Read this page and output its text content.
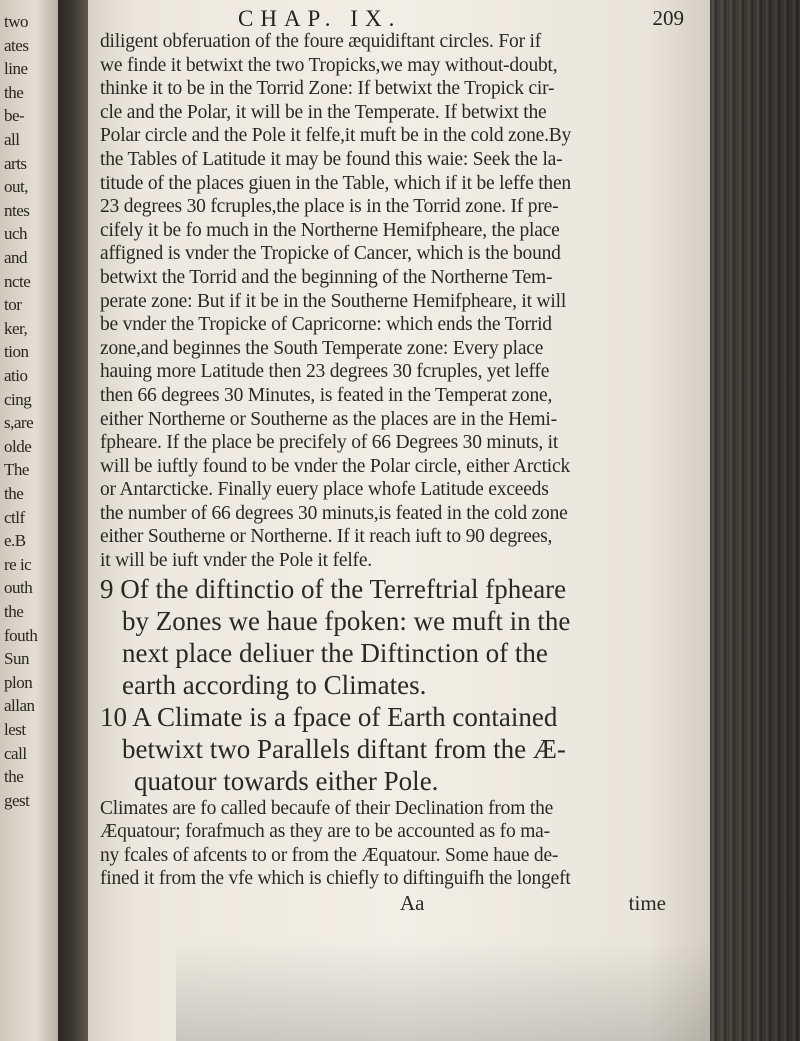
two
ates
line
the
be-
all
arts
out,
ntes
uch
and
ncte
tor
ker,
tion
atio
cing
s,are
olde
The
the
ctlf
e.B
re ic
outh
the
fouth
Sun
plon
allan
lest
call
the
gest
CHAP. IX.	209
diligent obferuation of the foure æquidiftant circles. For if
we finde it betwixt the two Tropicks,we may without-doubt,
thinke it to be in the Torrid Zone: If betwixt the Tropick cir-
cle and the Polar, it will be in the Temperate. If betwixt the
Polar circle and the Pole it felfe,it muft be in the cold zone.By
the Tables of Latitude it may be found this waie: Seek the la-
titude of the places giuen in the Table, which if it be leffe then
23 degrees 30 fcruples,the place is in the Torrid zone. If pre-
cifely it be fo much in the Northerne Hemifpheare, the place
affigned is vnder the Tropicke of Cancer, which is the bound
betwixt the Torrid and the beginning of the Northerne Tem-
perate zone: But if it be in the Southerne Hemifpheare, it will
be vnder the Tropicke of Capricorne: which ends the Torrid
zone,and beginnes the South Temperate zone: Every place
hauing more Latitude then 23 degrees 30 fcruples, yet leffe
then 66 degrees 30 Minutes, is feated in the Temperat zone,
either Northerne or Southerne as the places are in the Hemi-
fpheare. If the place be precifely of 66 Degrees 30 minuts, it
will be iuftly found to be vnder the Polar circle, either Arctick
or Antarcticke. Finally euery place whofe Latitude exceeds
the number of 66 degrees 30 minuts,is feated in the cold zone
either Southerne or Northerne. If it reach iuft to 90 degrees,
it will be iuft vnder the Pole it felfe.
9 Of the diftinctio of the Terreftrial fpheare
by Zones we haue fpoken: we muft in the
next place deliuer the Diftinction of the
earth according to Climates.
10 A Climate is a fpace of Earth contained
betwixt two Parallels diftant from the Æ-
quatour towards either Pole.
Climates are fo called becaufe of their Declination from the
Æquatour; forafmuch as they are to be accounted as fo ma-
ny fcales of afcents to or from the Æquatour. Some haue de-
fined it from the vfe which is chiefly to diftinguifh the longeft
Aa	time
